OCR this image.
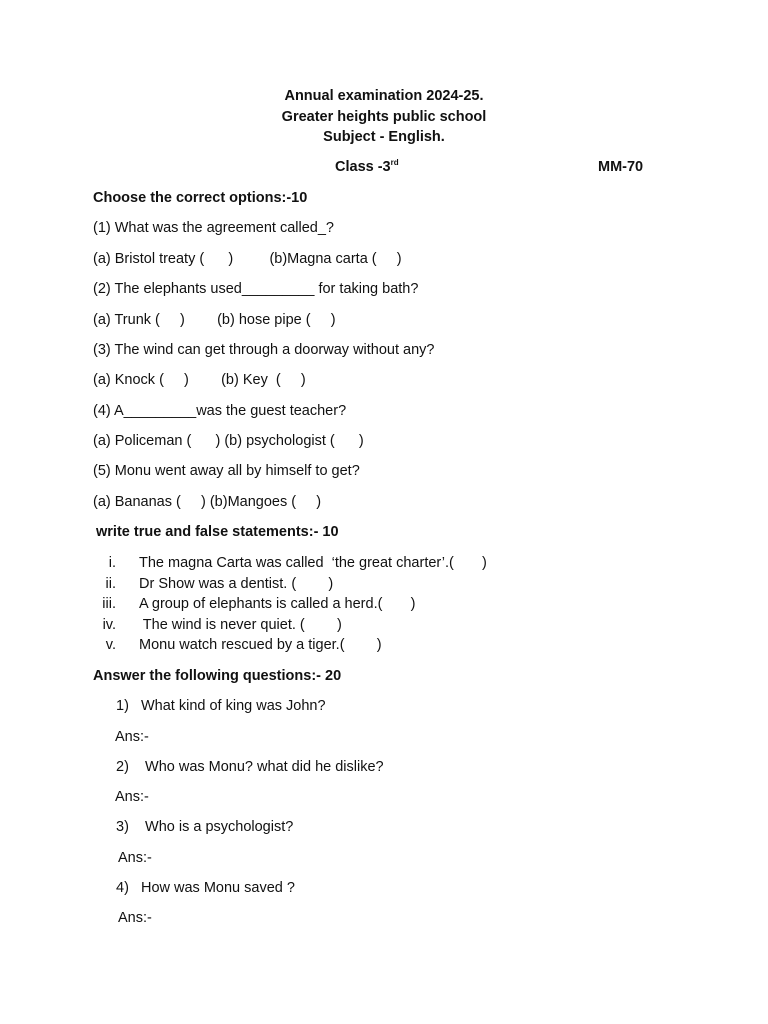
Annual examination 2024-25.
Greater heights public school
Subject - English.
Class -3rd	MM-70
Choose the correct options:-10
(1) What was the agreement called_?
(a) Bristol treaty (      )         (b)Magna carta (     )
(2) The elephants used_________ for taking bath?
(a) Trunk (     )        (b) hose pipe (     )
(3) The wind can get through a doorway without any?
(a) Knock (     )        (b) Key  (     )
(4) A_________was the guest teacher?
(a) Policeman (      ) (b) psychologist (      )
(5) Monu went away all by himself to get?
(a) Bananas (     ) (b)Mangoes (     )
write true and false statements:- 10
i. The magna Carta was called  ‘the great charter’.(       )
ii. Dr Show was a dentist. (        )
iii. A group of elephants is called a herd.(       )
iv. The wind is never quiet. (        )
v. Monu watch rescued by a tiger.(        )
Answer the following questions:- 20
1)   What kind of king was John?
Ans:-
2)    Who was Monu? what did he dislike?
Ans:-
3)    Who is a psychologist?
Ans:-
4)   How was Monu saved ?
Ans:-
